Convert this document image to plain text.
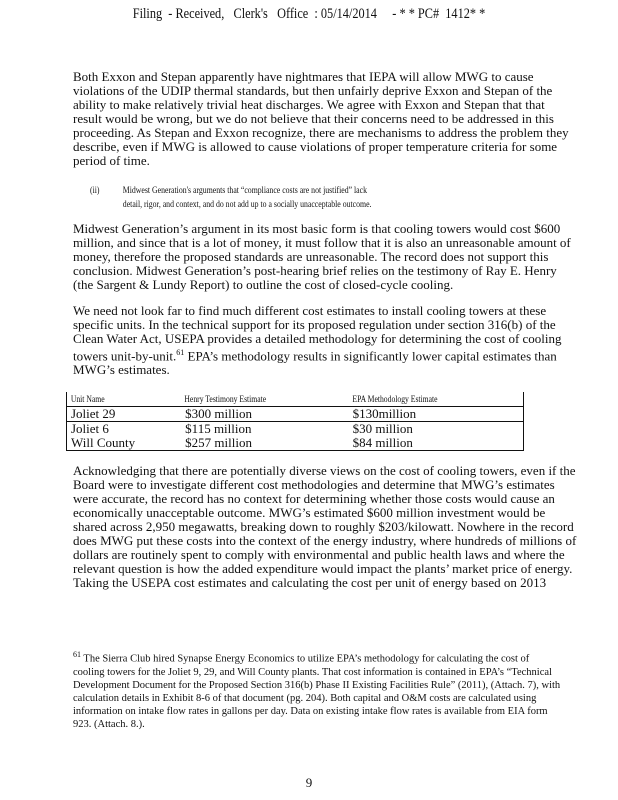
Filing  - Received,   Clerk's   Office  : 05/14/2014     - * * PC#  1412* *
Both Exxon and Stepan apparently have nightmares that IEPA will allow MWG to cause
violations of the UDIP thermal standards, but then unfairly deprive Exxon and Stepan of the
ability to make relatively trivial heat discharges. We agree with Exxon and Stepan that that
result would be wrong, but we do not believe that their concerns need to be addressed in this
proceeding. As Stepan and Exxon recognize, there are mechanisms to address the problem they
describe, even if MWG is allowed to cause violations of proper temperature criteria for some
period of time.
(ii) Midwest Generation's arguments that “compliance costs are not justified” lack
detail, rigor, and context, and do not add up to a socially unacceptable outcome.
Midwest Generation’s argument in its most basic form is that cooling towers would cost $600
million, and since that is a lot of money, it must follow that it is also an unreasonable amount of
money, therefore the proposed standards are unreasonable. The record does not support this
conclusion. Midwest Generation’s post-hearing brief relies on the testimony of Ray E. Henry
(the Sargent & Lundy Report) to outline the cost of closed-cycle cooling.
We need not look far to find much different cost estimates to install cooling towers at these
specific units. In the technical support for its proposed regulation under section 316(b) of the
Clean Water Act, USEPA provides a detailed methodology for determining the cost of cooling
towers unit-by-unit.$^{61}$ EPA’s methodology results in significantly lower capital estimates than
MWG’s estimates.
Unit Name	Henry Testimony Estimate	EPA Methodology Estimate
Joliet 29	$300 million	$130million
Joliet 6	$115 million	$30 million
Will County	$257 million	$84 million
Acknowledging that there are potentially diverse views on the cost of cooling towers, even if the
Board were to investigate different cost methodologies and determine that MWG’s estimates
were accurate, the record has no context for determining whether those costs would cause an
economically unacceptable outcome. MWG’s estimated $600 million investment would be
shared across 2,950 megawatts, breaking down to roughly $203/kilowatt. Nowhere in the record
does MWG put these costs into the context of the energy industry, where hundreds of millions of
dollars are routinely spent to comply with environmental and public health laws and where the
relevant question is how the added expenditure would impact the plants’ market price of energy.
Taking the USEPA cost estimates and calculating the cost per unit of energy based on 2013
$^{61}$ The Sierra Club hired Synapse Energy Economics to utilize EPA’s methodology for calculating the cost of
cooling towers for the Joliet 9, 29, and Will County plants. That cost information is contained in EPA’s “Technical
Development Document for the Proposed Section 316(b) Phase II Existing Facilities Rule” (2011), (Attach. 7), with
calculation details in Exhibit 8-6 of that document (pg. 204). Both capital and O&M costs are calculated using
information on intake flow rates in gallons per day. Data on existing intake flow rates is available from EIA form
923. (Attach. 8.).
9
